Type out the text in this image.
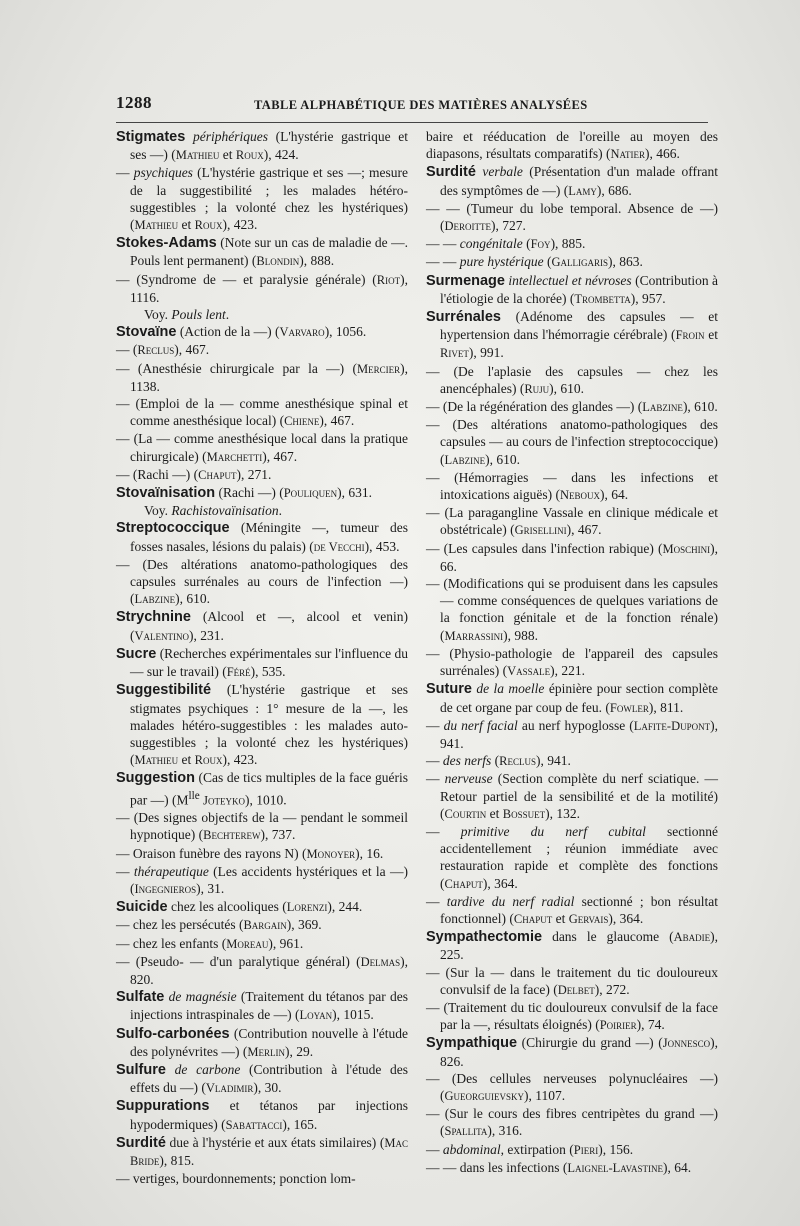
1288	TABLE ALPHABÉTIQUE DES MATIÈRES ANALYSÉES

Stigmates périphériques (L'hystérie gastrique et ses —) (Mathieu et Roux), 424.

— psychiques (L'hystérie gastrique et ses —; mesure de la suggestibilité ; les malades hétéro-suggestibles ; la volonté chez les hystériques) (Mathieu et Roux), 423.

Stokes-Adams (Note sur un cas de maladie de —. Pouls lent permanent) (Blondin), 888.

— (Syndrome de — et paralysie générale) (Riot), 1116.

Voy. Pouls lent.

Stovaïne (Action de la —) (Varvaro), 1056.

— (Reclus), 467.

— (Anesthésie chirurgicale par la —) (Mercier), 1138.

— (Emploi de la — comme anesthésique spinal et comme anesthésique local) (Chiene), 467.

— (La — comme anesthésique local dans la pratique chirurgicale) (Marchetti), 467.

— (Rachi —) (Chaput), 271.

Stovaïnisation (Rachi —) (Pouliquen), 631.

Voy. Rachistovaïnisation.

Streptococcique (Méningite —, tumeur des fosses nasales, lésions du palais) (de Vecchi), 453.

— (Des altérations anatomo-pathologiques des capsules surrénales au cours de l'infection —) (Labzine), 610.

Strychnine (Alcool et —, alcool et venin) (Valentino), 231.

Sucre (Recherches expérimentales sur l'influence du — sur le travail) (Féré), 535.

Suggestibilité (L'hystérie gastrique et ses stigmates psychiques : 1° mesure de la —, les malades hétéro-suggestibles : les malades auto-suggestibles ; la volonté chez les hystériques) (Mathieu et Roux), 423.

Suggestion (Cas de tics multiples de la face guéris par —) ($M^{lle}$ Joteyko), 1010.

— (Des signes objectifs de la — pendant le sommeil hypnotique) (Bechterew), 737.

— Oraison funèbre des rayons N) (Monoyer), 16.

— thérapeutique (Les accidents hystériques et la —) (Ingegnieros), 31.

Suicide chez les alcooliques (Lorenzi), 244.

— chez les persécutés (Bargain), 369.

— chez les enfants (Moreau), 961.

— (Pseudo- — d'un paralytique général) (Delmas), 820.

Sulfate de magnésie (Traitement du tétanos par des injections intraspinales de —) (Loyan), 1015.

Sulfo-carbonées (Contribution nouvelle à l'étude des polynévrites —) (Merlin), 29.

Sulfure de carbone (Contribution à l'étude des effets du —) (Vladimir), 30.

Suppurations et tétanos par injections hypodermiques) (Sabattacci), 165.

Surdité due à l'hystérie et aux états similaires) (Mac Bride), 815.

— vertiges, bourdonnements; ponction lom-

baire et rééducation de l'oreille au moyen des diapasons, résultats comparatifs) (Natier), 466.

Surdité verbale (Présentation d'un malade offrant des symptômes de —) (Lamy), 686.

— — (Tumeur du lobe temporal. Absence de —) (Deroitte), 727.

— — congénitale (Foy), 885.

— — pure hystérique (Galligaris), 863.

Surmenage intellectuel et névroses (Contribution à l'étiologie de la chorée) (Trombetta), 957.

Surrénales (Adénome des capsules — et hypertension dans l'hémorragie cérébrale) (Froin et Rivet), 991.

— (De l'aplasie des capsules — chez les anencéphales) (Ruju), 610.

— (De la régénération des glandes —) (Labzine), 610.

— (Des altérations anatomo-pathologiques des capsules — au cours de l'infection streptococcique) (Labzine), 610.

— (Hémorragies — dans les infections et intoxications aiguës) (Neboux), 64.

— (La paragangline Vassale en clinique médicale et obstétricale) (Grisellini), 467.

— (Les capsules dans l'infection rabique) (Moschini), 66.

— (Modifications qui se produisent dans les capsules — comme conséquences de quelques variations de la fonction génitale et de la fonction rénale) (Marrassini), 988.

— (Physio-pathologie de l'appareil des capsules surrénales) (Vassale), 221.

Suture de la moelle épinière pour section complète de cet organe par coup de feu. (Fowler), 811.

— du nerf facial au nerf hypoglosse (Lafite-Dupont), 941.

— des nerfs (Reclus), 941.

— nerveuse (Section complète du nerf sciatique. — Retour partiel de la sensibilité et de la motilité) (Courtin et Bossuet), 132.

— primitive du nerf cubital sectionné accidentellement ; réunion immédiate avec restauration rapide et complète des fonctions (Chaput), 364.

— tardive du nerf radial sectionné ; bon résultat fonctionnel) (Chaput et Gervais), 364.

Sympathectomie dans le glaucome (Abadie), 225.

— (Sur la — dans le traitement du tic douloureux convulsif de la face) (Delbet), 272.

— (Traitement du tic douloureux convulsif de la face par la —, résultats éloignés) (Poirier), 74.

Sympathique (Chirurgie du grand —) (Jonnesco), 826.

— (Des cellules nerveuses polynucléaires —) (Gueorguievsky), 1107.

— (Sur le cours des fibres centripètes du grand —) (Spallita), 316.

— abdominal, extirpation (Pieri), 156.

— — dans les infections (Laignel-Lavastine), 64.
